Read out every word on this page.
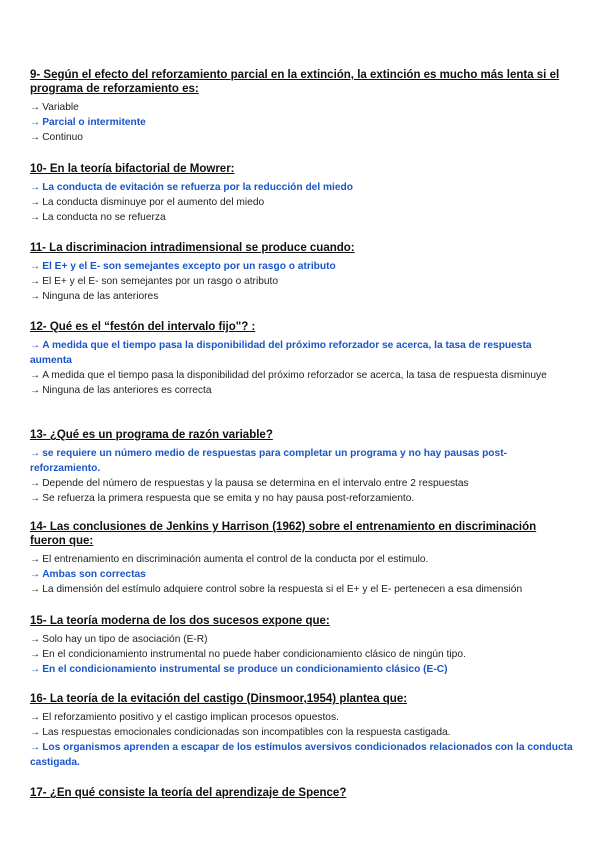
9- Según el efecto del reforzamiento parcial en la extinción, la extinción es mucho más lenta si el programa de reforzamiento es:

→ Variable

→ Parcial o intermitente

→ Continuo

10- En la teoría bifactorial de Mowrer:

→ La conducta de evitación se refuerza por la reducción del miedo

→ La conducta disminuye por el aumento del miedo

→ La conducta no se refuerza

11- La discriminacion intradimensional se produce cuando:

→ El E+ y el E- son semejantes excepto por un rasgo o atributo

→ El E+ y el E- son semejantes por un rasgo o atributo

→ Ninguna de las anteriores

12- Qué es el “festón del intervalo fijo"? :

→ A medida que el tiempo pasa la disponibilidad del próximo reforzador se acerca, la tasa de respuesta aumenta

→ A medida que el tiempo pasa la disponibilidad del próximo reforzador se acerca, la tasa de respuesta disminuye

→ Ninguna de las anteriores es correcta

13- ¿Qué es un programa de razón variable?

→ se requiere un número medio de respuestas para completar un programa y no hay pausas post-reforzamiento.

→ Depende del número de respuestas y la pausa se determina en el intervalo entre 2 respuestas

→ Se refuerza la primera respuesta que se emita y no hay pausa post-reforzamiento.

14- Las conclusiones de Jenkins y Harrison (1962) sobre el entrenamiento en discriminación fueron que:

→ El entrenamiento en discriminación aumenta el control de la conducta por el estimulo.

→ Ambas son correctas

→ La dimensión del estímulo adquiere control sobre la respuesta si el E+ y el E- pertenecen a esa dimensión

15- La teoría moderna de los dos sucesos expone que:

→ Solo hay un tipo de asociación (E-R)

→ En el condicionamiento instrumental no puede haber condicionamiento clásico de ningún tipo.

→ En el condicionamiento instrumental se produce un condicionamiento clásico (E-C)

16- La teoría de la evitación del castigo (Dinsmoor,1954) plantea que:

→ El reforzamiento positivo y el castigo implican procesos opuestos.

→ Las respuestas emocionales condicionadas son incompatibles con la respuesta castigada.

→ Los organismos aprenden a escapar de los estímulos aversivos condicionados relacionados con la conducta castigada.

17- ¿En qué consiste la teoría del aprendizaje de Spence?
